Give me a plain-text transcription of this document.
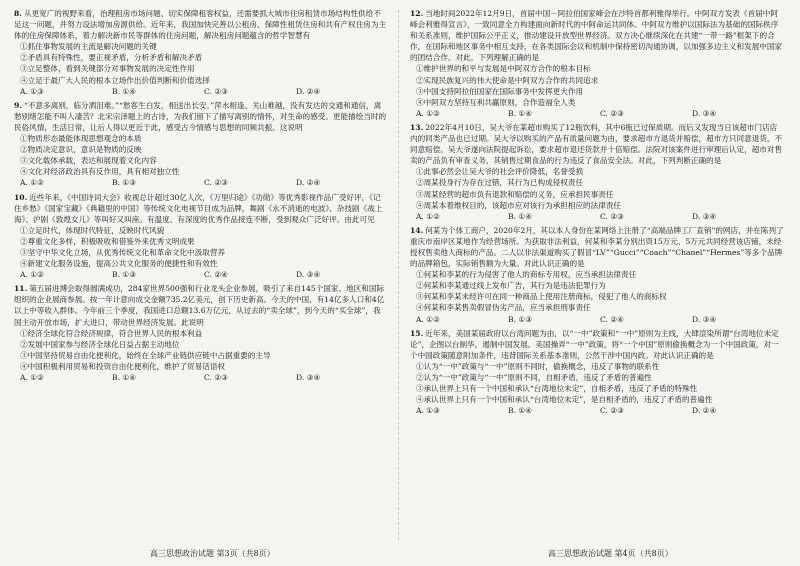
8. 从更宽广的视野来看，治理租房市场问题、切实保障租客权益，还需要抓大城市住房租赁市场结构性供给不足这一问题，并努力设法增加房源供给。近年来，我国加快完善以公租房、保障性租赁住房和共有产权住房为主体的住房保障体系，着力解决新市民等群体的住房问题，解决租房问题蕴含的哲学智慧有

①抓住事物发展的主流是解决问题的关键

②矛盾具有特殊性，要正视矛盾，分析矛盾和解决矛盾

③立足整体，看到关键部分对事物发展的决定性作用

④立足于最广大人民的根本立场作出价值判断和价值选择

A. ①③	B. ①④	C. ②③	D. ②④

9. “不意多离别，临分洒泪难。”“愁客生白发，相送出长安。”萍水相逢、关山难越，没有发达的交通和通信，离愁别绪怎能不叫人凄苦？北宋宗泽题上的古诗，为我们留下了描写离别的情怀，对生命的感受。更能描绘当时的民俗风情，生活日常，让后人得以更近于此，感受古今情感与思想的同频共振。这说明

①物质形态最能体现思想观念的本质

②物质决定意识，意识是物质的反映

③文化载体承载，表达和展现着文化内容

④文化对经济政治具有反作用，具有相对独立性

A. ①②	B. ①③	C. ②③	D. ②④

10. 近些年来，《中国诗词大会》收视总计超过30亿人次，《万里归途》《功勋》等优秀影视作品广受好评，《记住乡愁》《国家宝藏》《典籍里的中国》等传统文化电视节目成为品牌，舞剧《永不消逝的电波》、杂技剧《战上海》、沪剧《敦煌女儿》等叫好又叫座。有温度、有深度的优秀作品接连不断，受到观众广泛好评。由此可见

①立足时代，体现时代特征，反映时代风貌

②尊重文化多样，积极吸收和借鉴外来优秀文明成果

③坚守中华文化立场，从优秀传统文化和革命文化中汲取营养

④新建文化服务设施，提高公共文化服务的便捷性和有效性

A. ①②	B. ①③	C. ②④	D. ③④

11. 第五届进博会取得圆满成功，284家世界500强和行业龙头企业参展，吸引了来自145个国家、地区和国际组织的企业展商参展。按一年计意向成交金额735.2亿美元，创下历史新高。今天的中国，有14亿多人口和4亿以上中等收入群体。今年前三个季度，我国进口总额13.6万亿元，从过去的“卖全球”，到今天的“买全球”，我国主动开放市场，扩大进口，带动世界经济发展。此说明

①经济全球化符合经济规律，符合世界人民的根本利益

②发展中国家参与经济全球化日益占据主动地位

③中国坚持贸易自由化便利化，始终在全球产业链供应链中占据重要的主导

④中国积极利用贸易和投资自由化便利化，维护了贸易话语权

A. ①②	B. ①④	C. ②③	D. ③④

12. 当地时间2022年12月9日，首届中国－阿拉伯国家峰会在沙特首都利雅得举行。中阿双方发表《首届中阿峰会利雅得宣言》，一致同意全力构建面向新时代的中阿命运共同体。中阿双方维护以国际法为基础的国际秩序和关系准则，维护国际公平正义，推动建设开放型世界经济。双方决心继续深化在共建“一带一路”框架下的合作，在国际和地区事务中相互支持，在各类国际会议和机制中保持密切沟通协调，以加强多边主义和发展中国家的团结合作。对此，下列理解正确的是

①维护世界的和平与发展是中阿双方合作的根本目标

②实现民族复兴的伟大使命是中阿双方合作的共同追求

③中国支持阿拉伯国家在国际事务中发挥更大作用

④中阿双方坚持互利共赢原则，合作造福全人类

A. ①②	B. ①④	C. ②③	D. ③④

13. 2022年4月10日，吴大爷在某超市购买了12瓶饮料，其中6瓶已过保质期。而后又发现当日该超市门店店内的同类产品也已过期。吴大爷以购买的产品有质量问题为由，要求超市方退货并赔偿，超市方只同意退货，不同意赔偿。吴大爷遂向法院提起诉讼，要求超市退还货款并十倍赔偿。法院对该案件进行审理后认定，超市对售卖的产品负有审查义务，其销售过期食品的行为违反了食品安全法。对此，下列判断正确的是

①此事必然会让吴大爷的社会评价降低，名誉受损

②周某投身行为存在过错，其行为已构成侵权责任

③周某经营的超市负有退款和赔偿的义务，应承担民事责任

④周某本着维权目的，该超市应对该行为承担相应的法律责任

A. ①②	B. ①④	C. ②③	D. ③④

14. 何某为个体工商户，2020年2月，其以本人身份在某网络上注册了“高端品牌工厂直销”的网店，并在陈列了重庆市南岸区某地作为经营场所。为获取非法利益，何某和李某分别出资15万元、5万元共同经营该店铺，未经授权售卖他人商标的产品。二人以非法渠道购买了假冒“LV”“Gucci”“Coach”“Chanel”“Hermes”等多个品牌的品牌箱包，实际销售额为大量。对此认识正确的是

①何某和李某的行为侵害了他人的商标专用权，应当承担法律责任

②何某和李某通过线上发布广告，其行为是违法犯罪行为

③何某和李某未经许可在同一种商品上使用注册商标，侵犯了他人的商标权

④何某和李某售卖假冒伪劣产品，应当承担刑事责任

A. ①②	B. ①③	C. ②④	D. ③④

15. 近年来，美国某届政府以台湾问题为由，以“一中”政策和“一中”原则为主线，大肆渲染所谓“台湾地位未定论”，企图以台制华，遏制中国发展。美国操弄“一中”政策，将“一个中国”原则偷换概念为一个中国政策，对一个中国政策随意附加条件，违背国际关系基本准则，公然干涉中国内政。对此认识正确的是

①认为“一中”政策与“一中”原则不同时，偷换概念，违反了事物的联系性

②认为“一中”政策与“一中”原则不同，自相矛盾，违反了矛盾的普遍性

③承认世界上只有一个中国和承认“台湾地位未定”，自相矛盾，违反了矛盾的特殊性

④承认世界上只有一个中国和承认“台湾地位未定”，是自相矛盾的，违反了矛盾的普遍性

A. ①③	B. ①④	C. ②③	D. ②④
高三思想政治试题 第3页（共8页）	高三思想政治试题 第4页（共8页）
